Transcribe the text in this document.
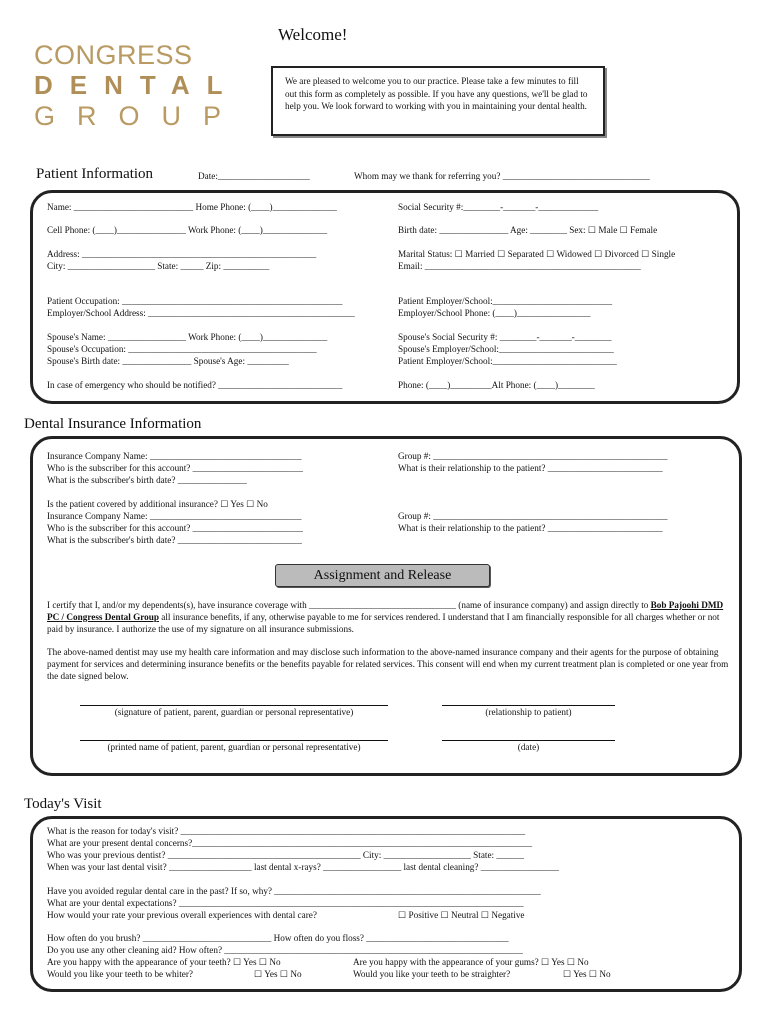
CONGRESS
DENTAL
GROUP
Welcome!
We are pleased to welcome you to our practice. Please take a few minutes to fill out this form as completely as possible. If you have any questions, we'll be glad to help you. We look forward to working with you in maintaining your dental health.
Patient Information	Date:____________________	Whom may we thank for referring you? ________________________________
Name: __________________________ Home Phone: (____)______________	Social Security #:________-_______-_____________
Cell Phone: (____)_______________ Work Phone: (____)______________	Birth date: _______________ Age: ________ Sex: ☐ Male ☐ Female
Address: ___________________________________________________	Marital Status: ☐ Married ☐ Separated ☐ Widowed ☐ Divorced ☐ Single
City: ___________________ State: _____ Zip: __________	Email: _______________________________________________
Patient Occupation: ________________________________________________	Patient Employer/School:__________________________
Employer/School Address: _____________________________________________	Employer/School Phone: (____)________________
Spouse's Name: _________________ Work Phone: (____)______________	Spouse's Social Security #: ________-_______-________
Spouse's Occupation: _________________________________________	Spouse's Employer/School:_________________________
Spouse's Birth date: _______________ Spouse's Age: _________	Patient Employer/School:___________________________
In case of emergency who should be notified? ___________________________	Phone: (____)_________Alt Phone: (____)________
Dental Insurance Information
Insurance Company Name: _________________________________	Group #: ___________________________________________________
Who is the subscriber for this account? ________________________	What is their relationship to the patient? _________________________
What is the subscriber's birth date? _______________
Is the patient covered by additional insurance? ☐ Yes ☐ No
Insurance Company Name: _________________________________	Group #: ___________________________________________________
Who is the subscriber for this account? ________________________	What is their relationship to the patient? _________________________
What is the subscriber's birth date? ___________________________
Assignment and Release
I certify that I, and/or my dependents(s), have insurance coverage with ________________________________ (name of insurance company) and assign directly to Bob Pajoohi DMD PC / Congress Dental Group all insurance benefits, if any, otherwise payable to me for services rendered. I understand that I am financially responsible for all charges whether or not paid by insurance. I authorize the use of my signature on all insurance submissions.
The above-named dentist may use my health care information and may disclose such information to the above-named insurance company and their agents for the purpose of obtaining payment for services and determining insurance benefits or the benefits payable for related services. This consent will end when my current treatment plan is completed or one year from the date signed below.
(signature of patient, parent, guardian or personal representative)	(relationship to patient)
(printed name of patient, parent, guardian or personal representative)	(date)
Today's Visit
What is the reason for today's visit? ___________________________________________________________________________
What are your present dental concerns?__________________________________________________________________________
Who was your previous dentist? __________________________________________ City: ___________________ State: ______
When was your last dental visit? __________________ last dental x-rays? _________________ last dental cleaning? _________________
Have you avoided regular dental care in the past? If so, why? __________________________________________________________
What are your dental expectations? ___________________________________________________________________________
How would your rate your previous overall experiences with dental care?	☐ Positive ☐ Neutral ☐ Negative
How often do you brush? ____________________________ How often do you floss? _______________________________
Do you use any other cleaning aid? How often? _________________________________________________________________
Are you happy with the appearance of your teeth? ☐ Yes ☐ No	Are you happy with the appearance of your gums? ☐ Yes ☐ No
Would you like your teeth to be whiter?	☐ Yes ☐ No	Would you like your teeth to be straighter?	☐ Yes ☐ No
